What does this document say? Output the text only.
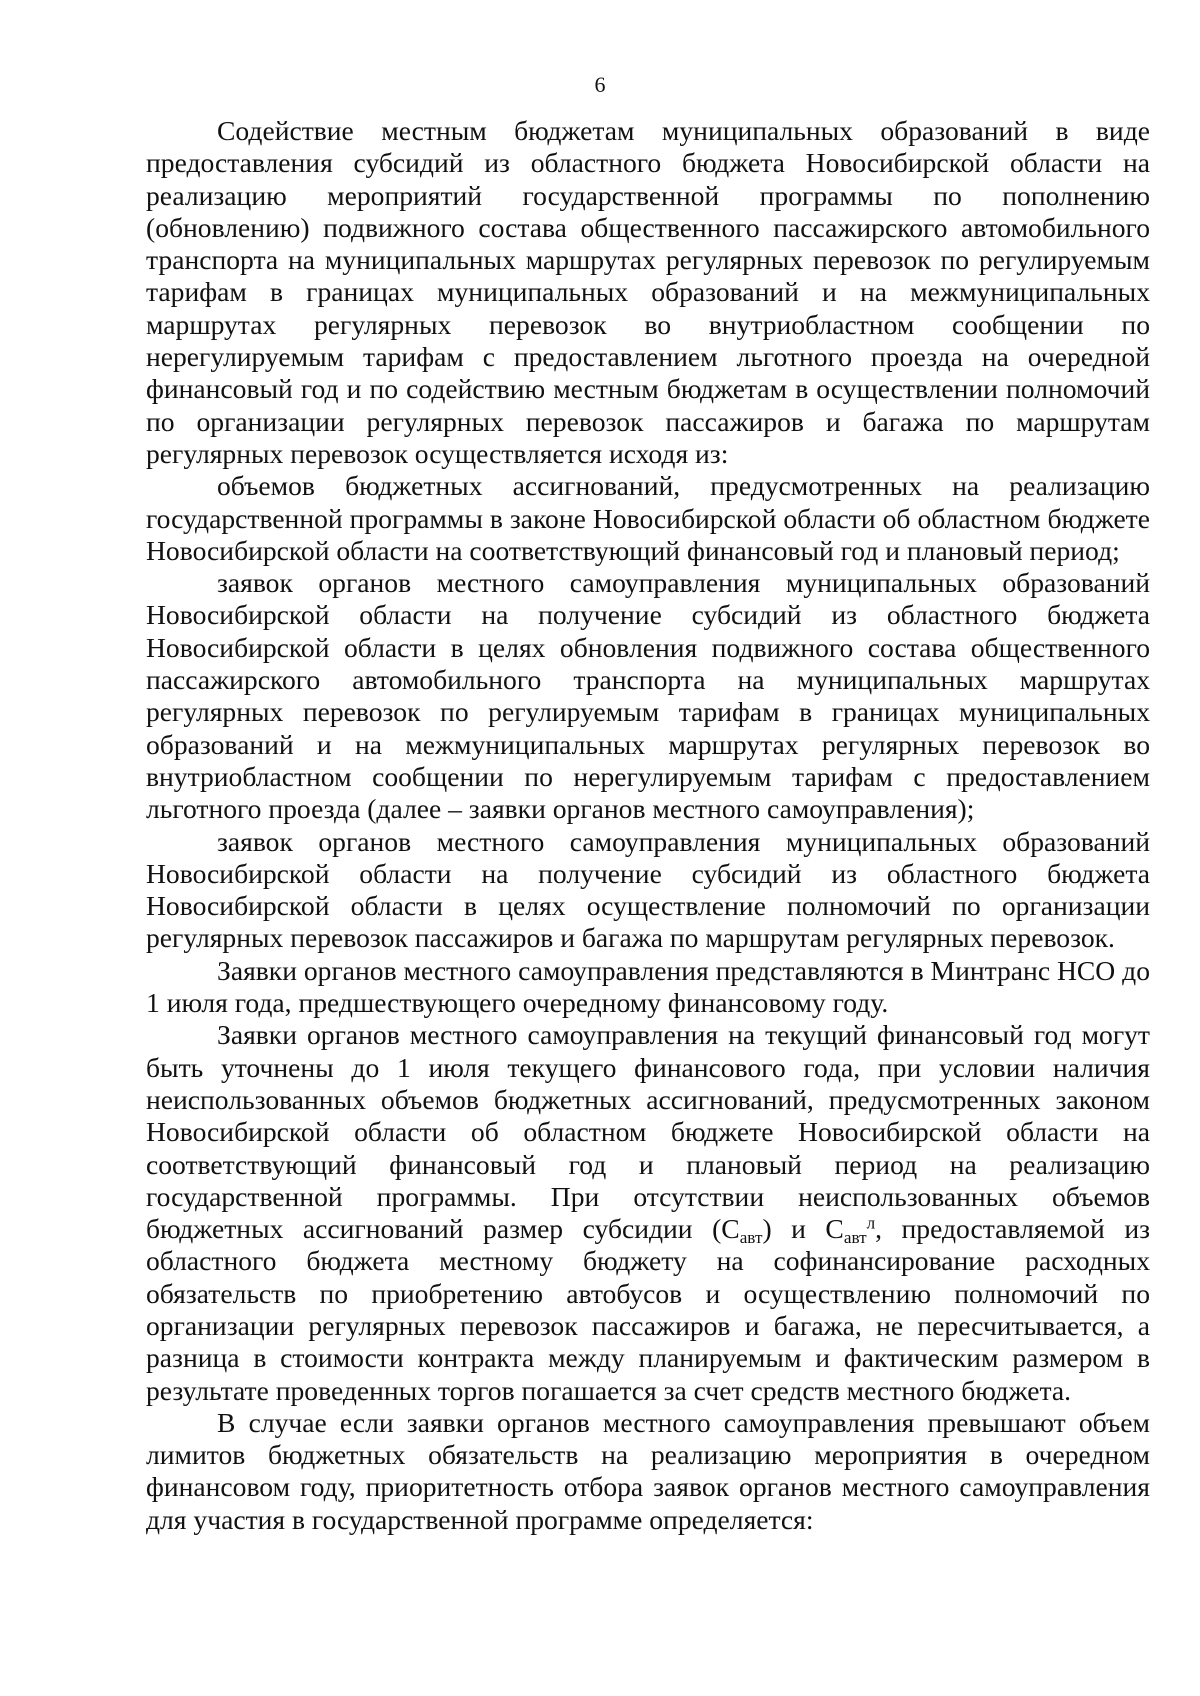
6

Содействие местным бюджетам муниципальных образований в виде предоставления субсидий из областного бюджета Новосибирской области на реализацию мероприятий государственной программы по пополнению (обновлению) подвижного состава общественного пассажирского автомобильного транспорта на муниципальных маршрутах регулярных перевозок по регулируемым тарифам в границах муниципальных образований и на межмуниципальных маршрутах регулярных перевозок во внутриобластном сообщении по нерегулируемым тарифам с предоставлением льготного проезда на очередной финансовый год и по содействию местным бюджетам в осуществлении полномочий по организации регулярных перевозок пассажиров и багажа по маршрутам регулярных перевозок осуществляется исходя из:

объемов бюджетных ассигнований, предусмотренных на реализацию государственной программы в законе Новосибирской области об областном бюджете Новосибирской области на соответствующий финансовый год и плановый период;

заявок органов местного самоуправления муниципальных образований Новосибирской области на получение субсидий из областного бюджета Новосибирской области в целях обновления подвижного состава общественного пассажирского автомобильного транспорта на муниципальных маршрутах регулярных перевозок по регулируемым тарифам в границах муниципальных образований и на межмуниципальных маршрутах регулярных перевозок во внутриобластном сообщении по нерегулируемым тарифам с предоставлением льготного проезда (далее – заявки органов местного самоуправления);

заявок органов местного самоуправления муниципальных образований Новосибирской области на получение субсидий из областного бюджета Новосибирской области в целях осуществление полномочий по организации регулярных перевозок пассажиров и багажа по маршрутам регулярных перевозок.

Заявки органов местного самоуправления представляются в Минтранс НСО до 1 июля года, предшествующего очередному финансовому году.

Заявки органов местного самоуправления на текущий финансовый год могут быть уточнены до 1 июля текущего финансового года, при условии наличия неиспользованных объемов бюджетных ассигнований, предусмотренных законом Новосибирской области об областном бюджете Новосибирской области на соответствующий финансовый год и плановый период на реализацию государственной программы. При отсутствии неиспользованных объемов бюджетных ассигнований размер субсидии $(С_{авт})$ и $С_{авт}^л$, предоставляемой из областного бюджета местному бюджету на софинансирование расходных обязательств по приобретению автобусов и осуществлению полномочий по организации регулярных перевозок пассажиров и багажа, не пересчитывается, а разница в стоимости контракта между планируемым и фактическим размером в результате проведенных торгов погашается за счет средств местного бюджета.

В случае если заявки органов местного самоуправления превышают объем лимитов бюджетных обязательств на реализацию мероприятия в очередном финансовом году, приоритетность отбора заявок органов местного самоуправления для участия в государственной программе определяется:
